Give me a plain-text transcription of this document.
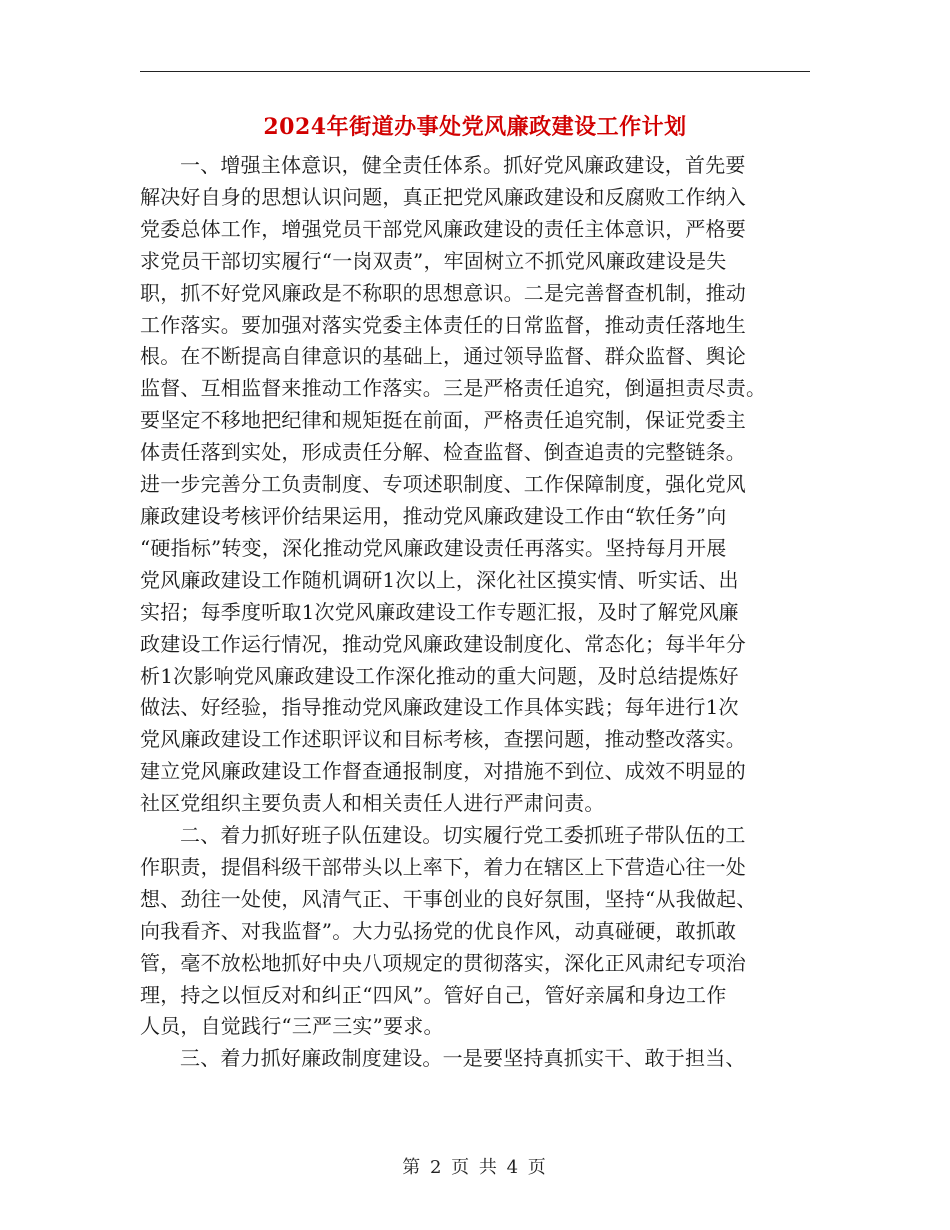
2024年街道办事处党风廉政建设工作计划
一、增强主体意识，健全责任体系。抓好党风廉政建设，首先要
解决好自身的思想认识问题，真正把党风廉政建设和反腐败工作纳入
党委总体工作，增强党员干部党风廉政建设的责任主体意识，严格要
求党员干部切实履行“一岗双责”，牢固树立不抓党风廉政建设是失
职，抓不好党风廉政是不称职的思想意识。二是完善督查机制，推动
工作落实。要加强对落实党委主体责任的日常监督，推动责任落地生
根。在不断提高自律意识的基础上，通过领导监督、群众监督、舆论
监督、互相监督来推动工作落实。三是严格责任追究，倒逼担责尽责。
要坚定不移地把纪律和规矩挺在前面，严格责任追究制，保证党委主
体责任落到实处，形成责任分解、检查监督、倒查追责的完整链条。
进一步完善分工负责制度、专项述职制度、工作保障制度，强化党风
廉政建设考核评价结果运用，推动党风廉政建设工作由“软任务”向
“硬指标”转变，深化推动党风廉政建设责任再落实。坚持每月开展
党风廉政建设工作随机调研1次以上，深化社区摸实情、听实话、出
实招；每季度听取1次党风廉政建设工作专题汇报，及时了解党风廉
政建设工作运行情况，推动党风廉政建设制度化、常态化；每半年分
析1次影响党风廉政建设工作深化推动的重大问题，及时总结提炼好
做法、好经验，指导推动党风廉政建设工作具体实践；每年进行1次
党风廉政建设工作述职评议和目标考核，查摆问题，推动整改落实。
建立党风廉政建设工作督查通报制度，对措施不到位、成效不明显的
社区党组织主要负责人和相关责任人进行严肃问责。
二、着力抓好班子队伍建设。切实履行党工委抓班子带队伍的工
作职责，提倡科级干部带头以上率下，着力在辖区上下营造心往一处
想、劲往一处使，风清气正、干事创业的良好氛围，坚持“从我做起、
向我看齐、对我监督”。大力弘扬党的优良作风，动真碰硬，敢抓敢
管，毫不放松地抓好中央八项规定的贯彻落实，深化正风肃纪专项治
理，持之以恒反对和纠正“四风”。管好自己，管好亲属和身边工作
人员，自觉践行“三严三实”要求。
三、着力抓好廉政制度建设。一是要坚持真抓实干、敢于担当、
第 2 页 共 4 页
